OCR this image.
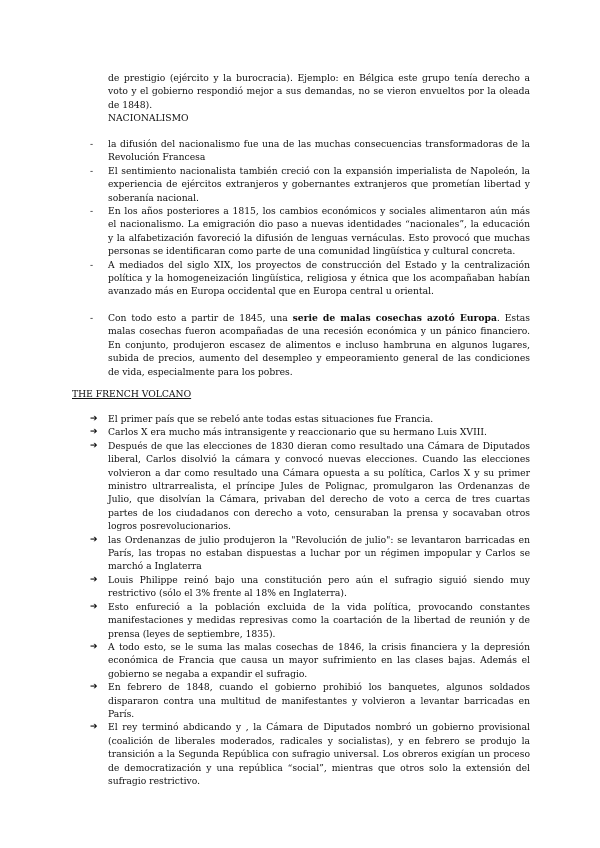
de prestigio (ejército y la burocracia). Ejemplo: en Bélgica este grupo tenía derecho a voto y el gobierno respondió mejor a sus demandas, no se vieron envueltos por la oleada de 1848).

NACIONALISMO
- la difusión del nacionalismo fue una de las muchas consecuencias transformadoras de la Revolución Francesa
- El sentimiento nacionalista también creció con la expansión imperialista de Napoleón, la experiencia de ejércitos extranjeros y gobernantes extranjeros que prometían libertad y soberanía nacional.
- En los años posteriores a 1815, los cambios económicos y sociales alimentaron aún más el nacionalismo. La emigración dio paso a nuevas identidades “nacionales”, la educación y la alfabetización favoreció la difusión de lenguas vernáculas. Esto provocó que muchas personas se identificaran como parte de una comunidad lingüística y cultural concreta.
- A mediados del siglo XIX, los proyectos de construcción del Estado y la centralización política y la homogeneización lingüística, religiosa y étnica que los acompañaban habían avanzado más en Europa occidental que en Europa central u oriental.
- Con todo esto a partir de 1845, una serie de malas cosechas azotó Europa. Estas malas cosechas fueron acompañadas de una recesión económica y un pánico financiero. En conjunto, produjeron escasez de alimentos e incluso hambruna en algunos lugares, subida de precios, aumento del desempleo y empeoramiento general de las condiciones de vida, especialmente para los pobres.
THE FRENCH VOLCANO
➔ El primer país que se rebeló ante todas estas situaciones fue Francia.
➔ Carlos X era mucho más intransigente y reaccionario que su hermano Luis XVIII.
➔ Después de que las elecciones de 1830 dieran como resultado una Cámara de Diputados liberal, Carlos disolvió la cámara y convocó nuevas elecciones. Cuando las elecciones volvieron a dar como resultado una Cámara opuesta a su política, Carlos X y su primer ministro ultrarrealista, el príncipe Jules de Polignac, promulgaron las Ordenanzas de Julio, que disolvían la Cámara, privaban del derecho de voto a cerca de tres cuartas partes de los ciudadanos con derecho a voto, censuraban la prensa y socavaban otros logros posrevolucionarios.
➔ las Ordenanzas de julio produjeron la "Revolución de julio": se levantaron barricadas en París, las tropas no estaban dispuestas a luchar por un régimen impopular y Carlos se marchó a Inglaterra
➔ Louis Philippe reinó bajo una constitución pero aún el sufragio siguió siendo muy restrictivo (sólo el 3% frente al 18% en Inglaterra).
➔ Esto enfureció a la población excluida de la vida política, provocando constantes manifestaciones y medidas represivas como la coartación de la libertad de reunión y de prensa (leyes de septiembre, 1835).
➔ A todo esto, se le suma las malas cosechas de 1846, la crisis financiera y la depresión económica de Francia que causa un mayor sufrimiento en las clases bajas. Además el gobierno se negaba a expandir el sufragio.
➔ En febrero de 1848, cuando el gobierno prohibió los banquetes, algunos soldados dispararon contra una multitud de manifestantes y volvieron a levantar barricadas en París.
➔ El rey terminó abdicando y , la Cámara de Diputados nombró un gobierno provisional (coalición de liberales moderados, radicales y socialistas), y en febrero se produjo la transición a la Segunda República con sufragio universal. Los obreros exigían un proceso de democratización y una república “social”, mientras que otros solo la extensión del sufragio restrictivo.
